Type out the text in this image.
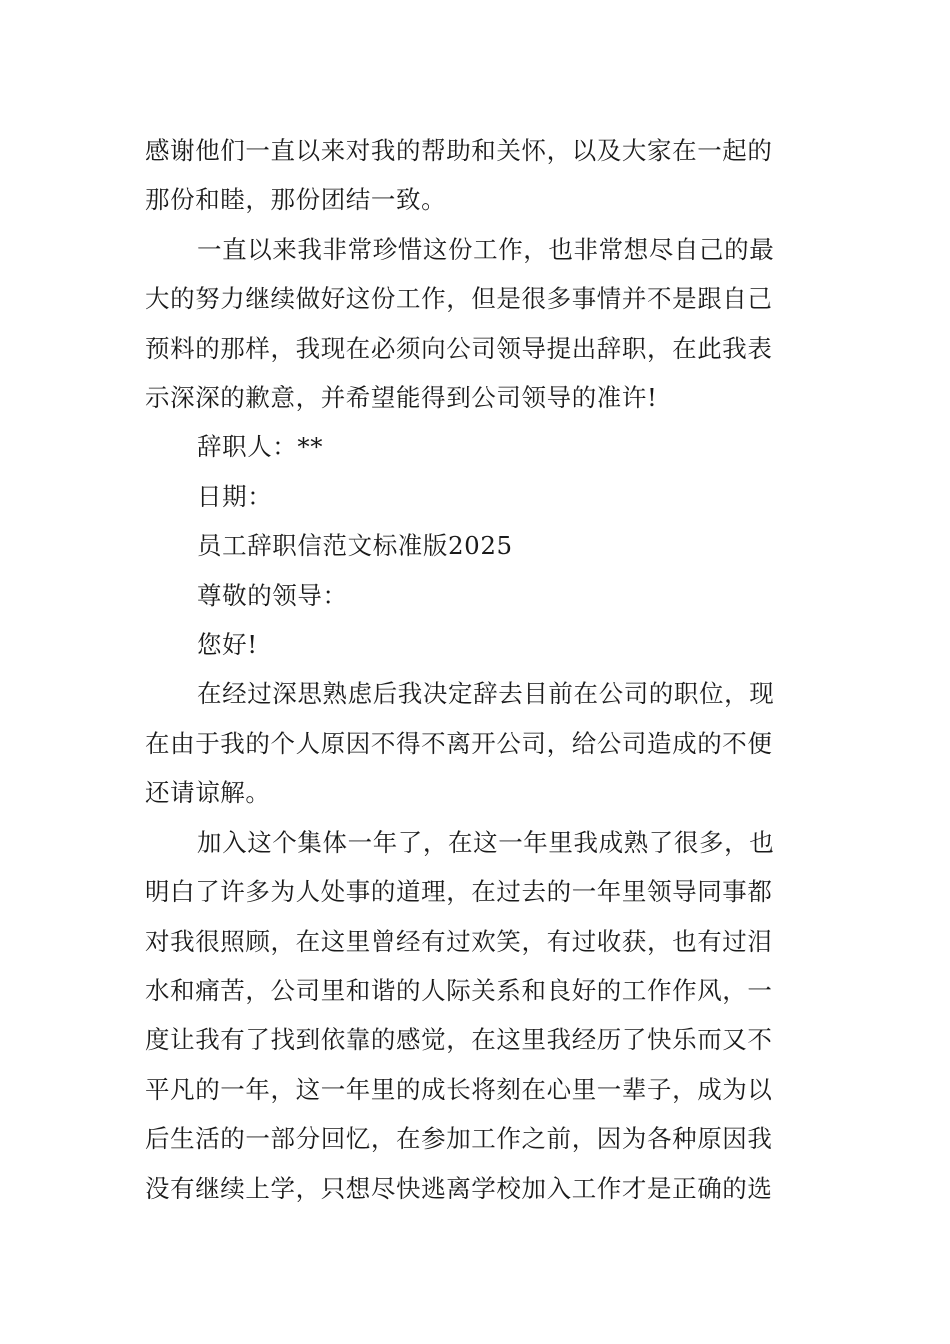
感谢他们一直以来对我的帮助和关怀，以及大家在一起的
那份和睦，那份团结一致。
一直以来我非常珍惜这份工作，也非常想尽自己的最
大的努力继续做好这份工作，但是很多事情并不是跟自己
预料的那样，我现在必须向公司领导提出辞职，在此我表
示深深的歉意，并希望能得到公司领导的准许!
辞职人：**
日期：
员工辞职信范文标准版2025
尊敬的领导：
您好!
在经过深思熟虑后我决定辞去目前在公司的职位，现
在由于我的个人原因不得不离开公司，给公司造成的不便
还请谅解。
加入这个集体一年了，在这一年里我成熟了很多，也
明白了许多为人处事的道理，在过去的一年里领导同事都
对我很照顾，在这里曾经有过欢笑，有过收获，也有过泪
水和痛苦，公司里和谐的人际关系和良好的工作作风，一
度让我有了找到依靠的感觉，在这里我经历了快乐而又不
平凡的一年，这一年里的成长将刻在心里一辈子，成为以
后生活的一部分回忆，在参加工作之前，因为各种原因我
没有继续上学，只想尽快逃离学校加入工作才是正确的选
